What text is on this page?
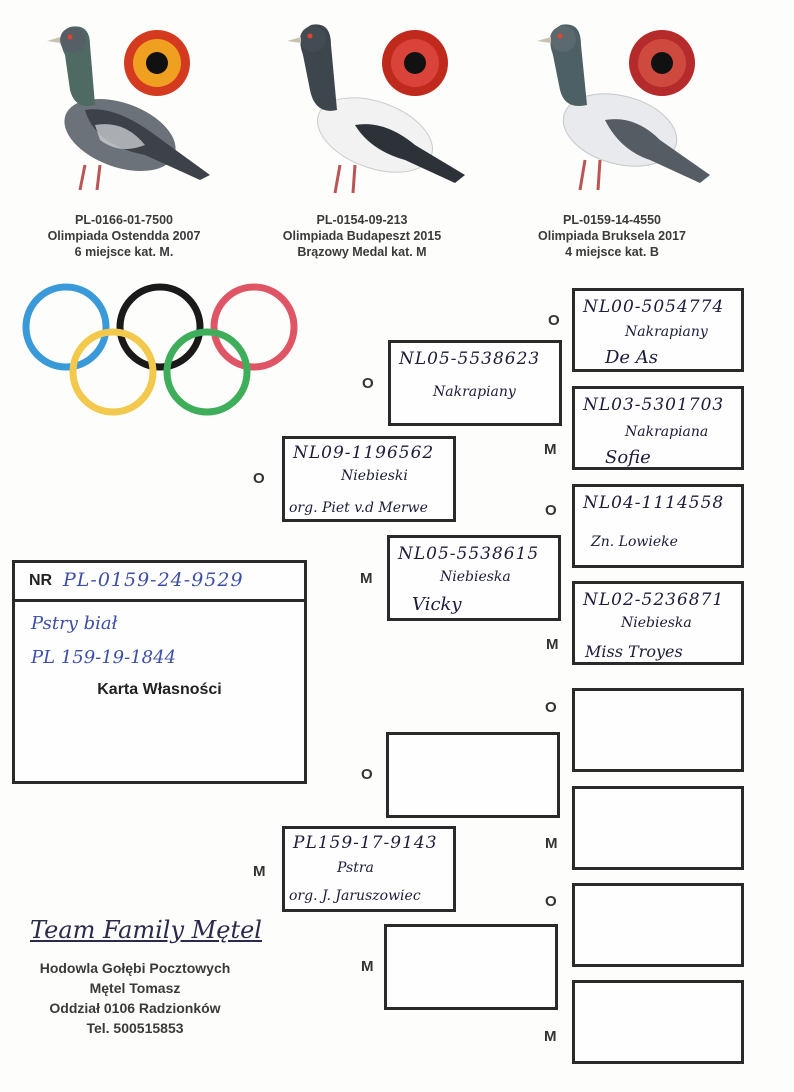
PL-0166-01-7500
Olimpiada Ostendda 2007
6 miejsce kat. M.
PL-0154-09-213
Olimpiada Budapeszt 2015
Brązowy Medal kat. M
PL-0159-14-4550
Olimpiada Bruksela 2017
4 miejsce kat. B
NR PL-0159-24-9529
Pstry biał
PL 159-19-1844
Karta Własności
O
NL09-1196562
Niebieski
org. Piet v.d Merwe
M
PL159-17-9143
Pstra
org. J. Jaruszowiec
O
NL05-5538623
Nakrapiany
M
NL05-5538615
Niebieska
Vicky
O
M
O
NL00-5054774
Nakrapiany
De As
M
NL03-5301703
Nakrapiana
Sofie
O NL04-1114558
Zn. Lowieke
M
NL02-5236871
Niebieska
Miss Troyes
O
M
O
M
Team Family Mętel
Hodowla Gołębi Pocztowych
Mętel Tomasz
Oddział 0106 Radzionków
Tel. 500515853
